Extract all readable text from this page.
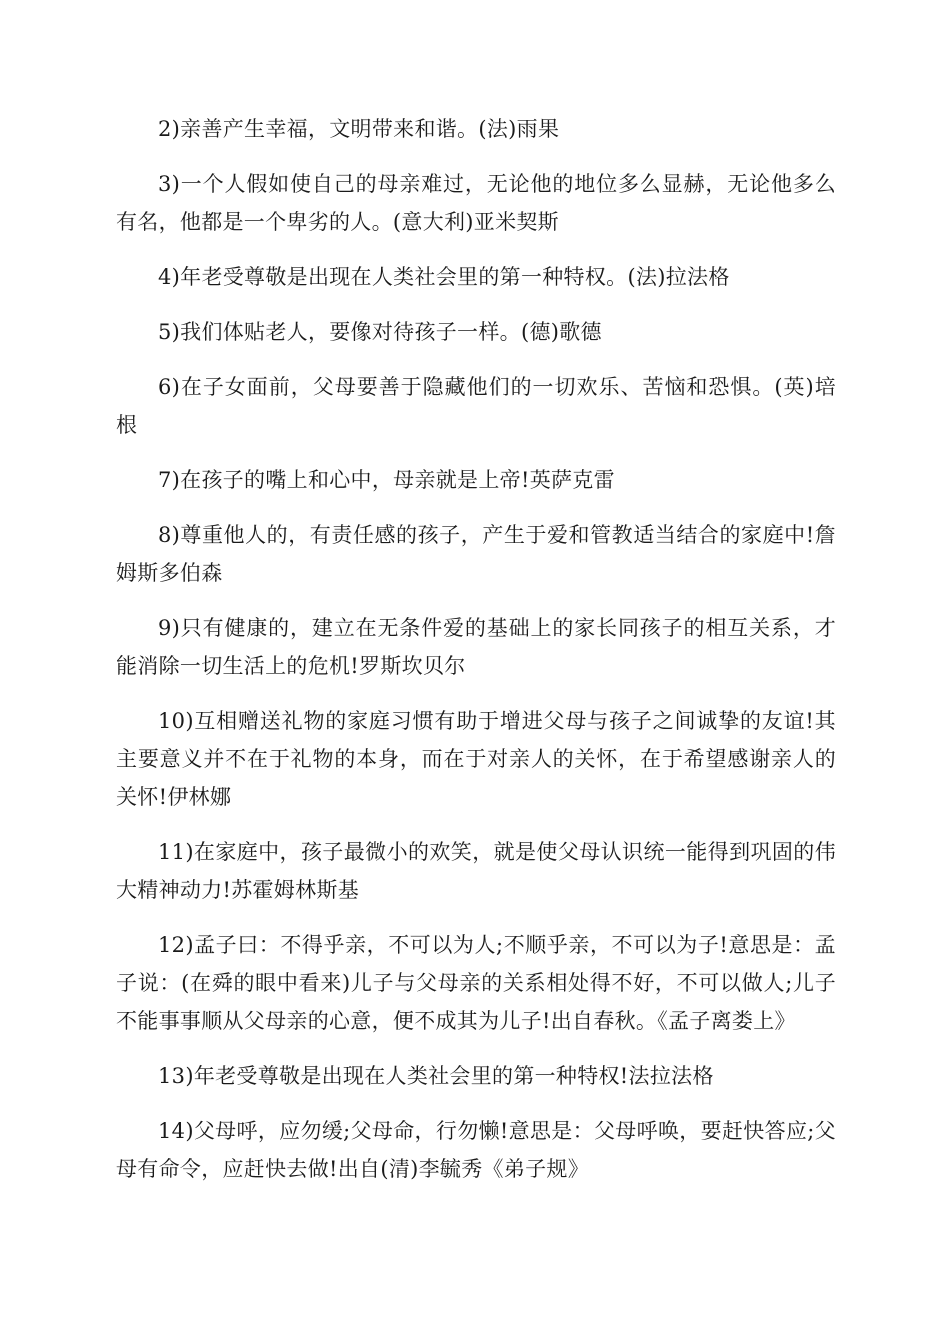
2)亲善产生幸福，文明带来和谐。(法)雨果

3)一个人假如使自己的母亲难过，无论他的地位多么显赫，无论他多么有名，他都是一个卑劣的人。(意大利)亚米契斯

4)年老受尊敬是出现在人类社会里的第一种特权。(法)拉法格

5)我们体贴老人，要像对待孩子一样。(德)歌德

6)在子女面前，父母要善于隐藏他们的一切欢乐、苦恼和恐惧。(英)培根

7)在孩子的嘴上和心中，母亲就是上帝!英萨克雷

8)尊重他人的，有责任感的孩子，产生于爱和管教适当结合的家庭中!詹姆斯多伯森

9)只有健康的，建立在无条件爱的基础上的家长同孩子的相互关系，才能消除一切生活上的危机!罗斯坎贝尔

10)互相赠送礼物的家庭习惯有助于增进父母与孩子之间诚挚的友谊!其主要意义并不在于礼物的本身，而在于对亲人的关怀，在于希望感谢亲人的关怀!伊林娜

11)在家庭中，孩子最微小的欢笑，就是使父母认识统一能得到巩固的伟大精神动力!苏霍姆林斯基

12)孟子曰：不得乎亲，不可以为人;不顺乎亲，不可以为子!意思是：孟子说：(在舜的眼中看来)儿子与父母亲的关系相处得不好，不可以做人;儿子不能事事顺从父母亲的心意，便不成其为儿子!出自春秋。《孟子离娄上》

13)年老受尊敬是出现在人类社会里的第一种特权!法拉法格

14)父母呼，应勿缓;父母命，行勿懒!意思是：父母呼唤，要赶快答应;父母有命令，应赶快去做!出自(清)李毓秀《弟子规》
